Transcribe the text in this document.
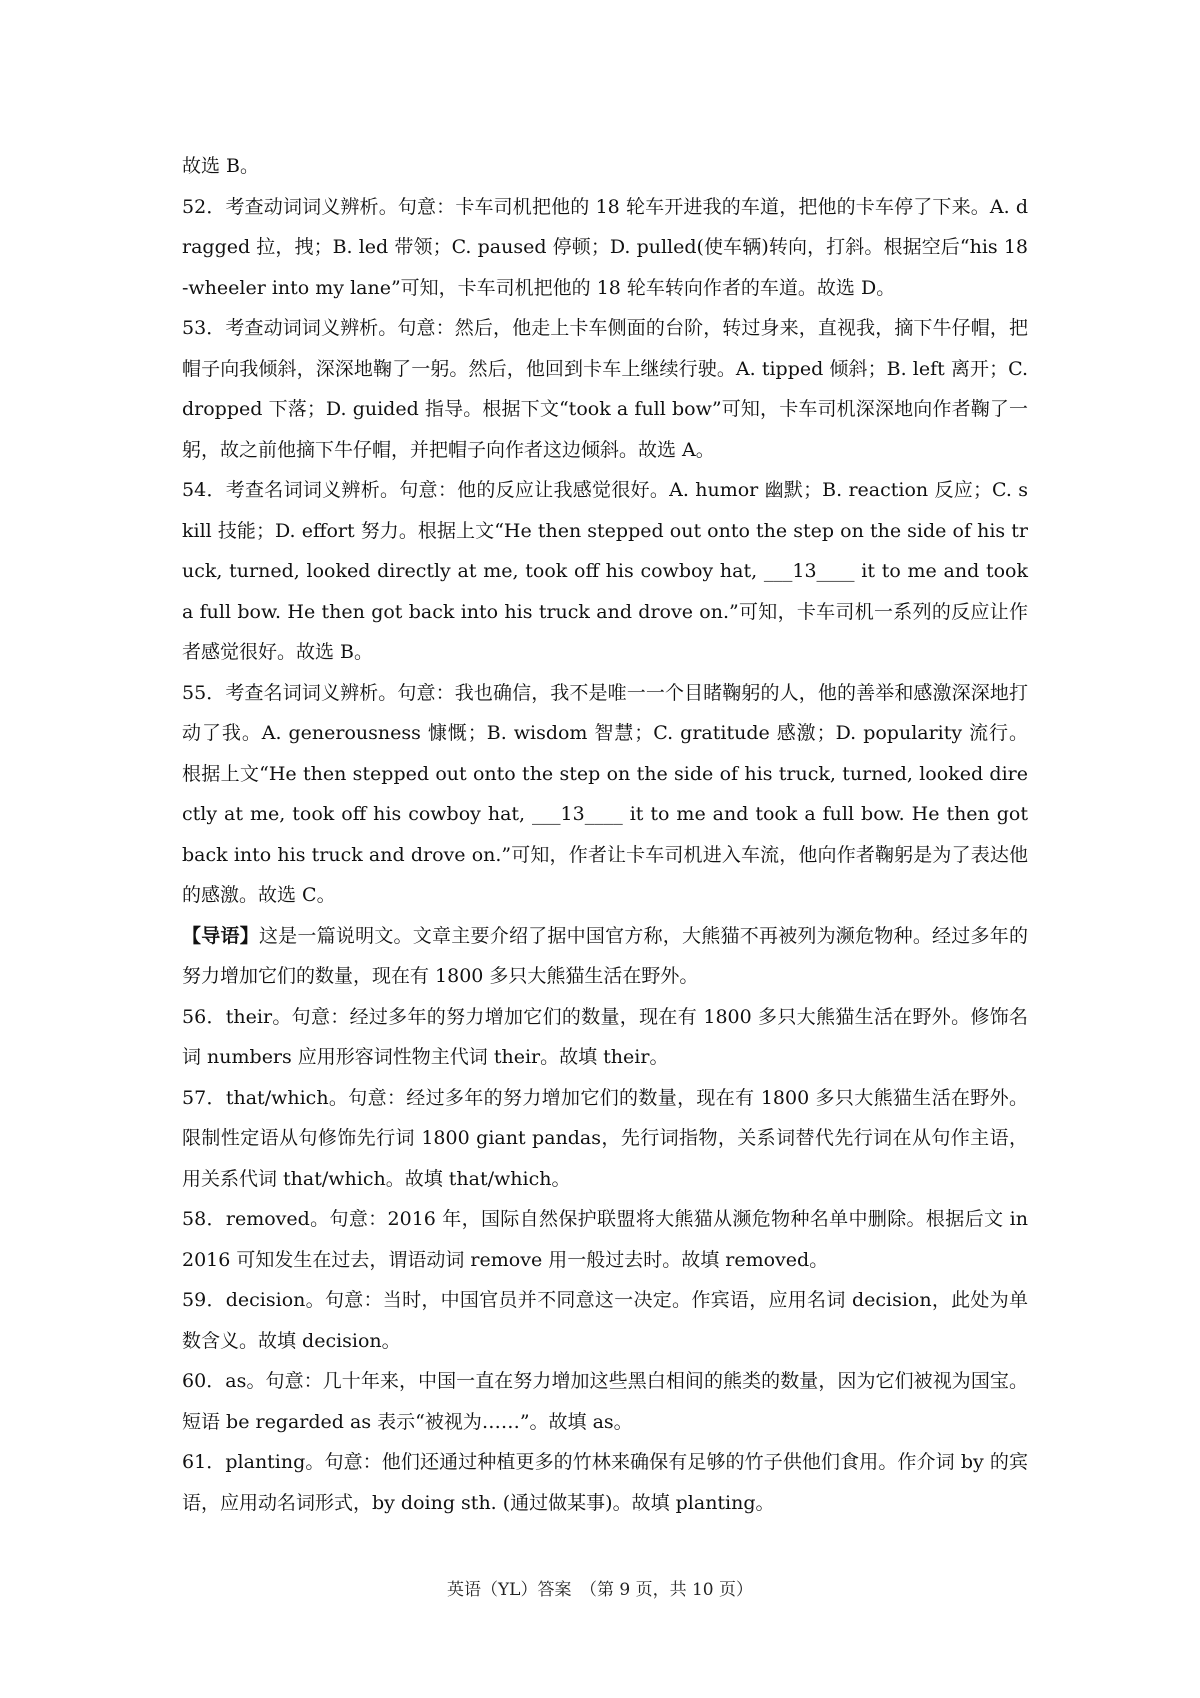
故选 B。

52．考查动词词义辨析。句意：卡车司机把他的 18 轮车开进我的车道，把他的卡车停了下来。A. dragged 拉，拽；B. led 带领；C. paused 停顿；D. pulled(使车辆)转向，打斜。根据空后“his 18-wheeler into my lane”可知，卡车司机把他的 18 轮车转向作者的车道。故选 D。

53．考查动词词义辨析。句意：然后，他走上卡车侧面的台阶，转过身来，直视我，摘下牛仔帽，把帽子向我倾斜，深深地鞠了一躬。然后，他回到卡车上继续行驶。A. tipped 倾斜；B. left 离开；C. dropped 下落；D. guided 指导。根据下文“took a full bow”可知，卡车司机深深地向作者鞠了一躬，故之前他摘下牛仔帽，并把帽子向作者这边倾斜。故选 A。

54．考查名词词义辨析。句意：他的反应让我感觉很好。A. humor 幽默；B. reaction 反应；C. skill 技能；D. effort 努力。根据上文“He then stepped out onto the step on the side of his truck, turned, looked directly at me, took off his cowboy hat, ___13____ it to me and took a full bow. He then got back into his truck and drove on.”可知，卡车司机一系列的反应让作者感觉很好。故选 B。

55．考查名词词义辨析。句意：我也确信，我不是唯一一个目睹鞠躬的人，他的善举和感激深深地打动了我。A. generousness 慷慨；B. wisdom 智慧；C. gratitude 感激；D. popularity 流行。根据上文“He then stepped out onto the step on the side of his truck, turned, looked directly at me, took off his cowboy hat, ___13____ it to me and took a full bow. He then got back into his truck and drove on.”可知，作者让卡车司机进入车流，他向作者鞠躬是为了表达他的感激。故选 C。

【导语】这是一篇说明文。文章主要介绍了据中国官方称，大熊猫不再被列为濒危物种。经过多年的努力增加它们的数量，现在有 1800 多只大熊猫生活在野外。

56．their。句意：经过多年的努力增加它们的数量，现在有 1800 多只大熊猫生活在野外。修饰名词 numbers 应用形容词性物主代词 their。故填 their。

57．that/which。句意：经过多年的努力增加它们的数量，现在有 1800 多只大熊猫生活在野外。限制性定语从句修饰先行词 1800 giant pandas，先行词指物，关系词替代先行词在从句作主语，用关系代词 that/which。故填 that/which。

58．removed。句意：2016 年，国际自然保护联盟将大熊猫从濒危物种名单中删除。根据后文 in 2016 可知发生在过去，谓语动词 remove 用一般过去时。故填 removed。

59．decision。句意：当时，中国官员并不同意这一决定。作宾语，应用名词 decision，此处为单数含义。故填 decision。

60．as。句意：几十年来，中国一直在努力增加这些黑白相间的熊类的数量，因为它们被视为国宝。短语 be regarded as 表示“被视为……”。故填 as。

61．planting。句意：他们还通过种植更多的竹林来确保有足够的竹子供他们食用。作介词 by 的宾语，应用动名词形式，by doing sth. (通过做某事)。故填 planting。

英语（YL）答案　（第 9 页，共 10 页）
